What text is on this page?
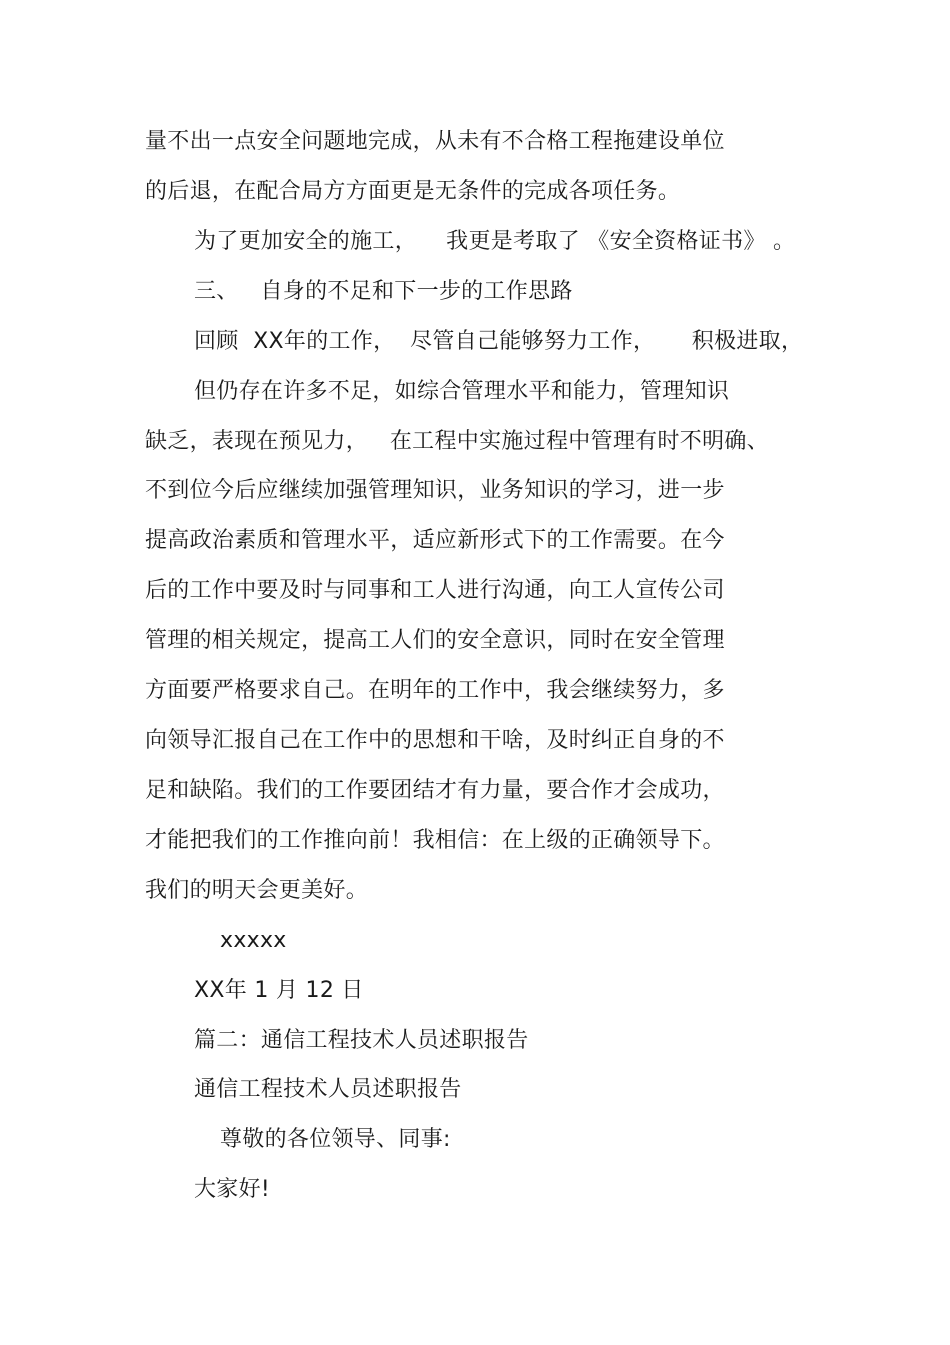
量不出一点安全问题地完成，从未有不合格工程拖建设单位
的后退，在配合局方方面更是无条件的完成各项任务。
为了更加安全的施工，    我更是考取了 《安全资格证书》 。
三、   自身的不足和下一步的工作思路
回顾  XX年的工作，  尽管自己能够努力工作，     积极进取，
但仍存在许多不足，如综合管理水平和能力，管理知识
缺乏，表现在预见力，   在工程中实施过程中管理有时不明确、
不到位今后应继续加强管理知识，业务知识的学习，进一步
提高政治素质和管理水平，适应新形式下的工作需要。在今
后的工作中要及时与同事和工人进行沟通，向工人宣传公司
管理的相关规定，提高工人们的安全意识，同时在安全管理
方面要严格要求自己。在明年的工作中，我会继续努力，多
向领导汇报自己在工作中的思想和干啥，及时纠正自身的不
足和缺陷。我们的工作要团结才有力量，要合作才会成功，
才能把我们的工作推向前！我相信：在上级的正确领导下。
我们的明天会更美好。
xxxxx
XX年 1 月 12 日
篇二：通信工程技术人员述职报告
通信工程技术人员述职报告
尊敬的各位领导、同事:
大家好!
